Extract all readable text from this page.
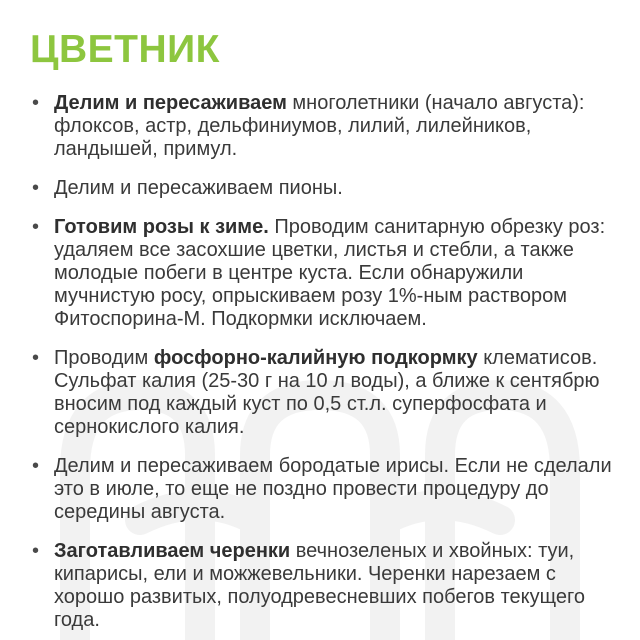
ЦВЕТНИК
• Делим и пересаживаем многолетники (начало августа): флоксов, астр, дельфиниумов, лилий, лилейников, ландышей, примул.
• Делим и пересаживаем пионы.
• Готовим розы к зиме. Проводим санитарную обрезку роз: удаляем все засохшие цветки, листья и стебли, а также молодые побеги в центре куста. Если обнаружили мучнистую росу, опрыскиваем розу 1%-ным раствором Фитоспорина-М. Подкормки исключаем.
• Проводим фосфорно-калийную подкормку клематисов. Сульфат калия (25-30 г на 10 л воды), а ближе к сентябрю вносим под каждый куст по 0,5 ст.л. суперфосфата и сернокислого калия.
• Делим и пересаживаем бородатые ирисы. Если не сделали это в июле, то еще не поздно провести процедуру до середины августа.
• Заготавливаем черенки вечнозеленых и хвойных: туи, кипарисы, ели и можжевельники. Черенки нарезаем с хорошо развитых, полуодревесневших побегов текущего года.
